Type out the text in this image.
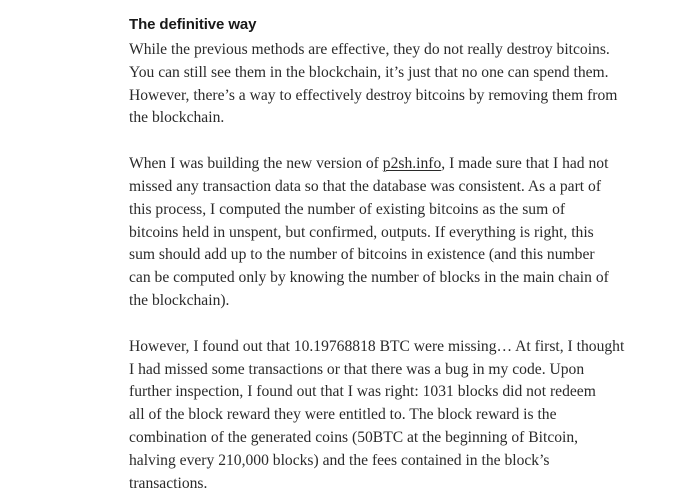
The definitive way
While the previous methods are effective, they do not really destroy bitcoins.
You can still see them in the blockchain, it’s just that no one can spend them.
However, there’s a way to effectively destroy bitcoins by removing them from
the blockchain.
When I was building the new version of p2sh.info, I made sure that I had not
missed any transaction data so that the database was consistent. As a part of
this process, I computed the number of existing bitcoins as the sum of
bitcoins held in unspent, but confirmed, outputs. If everything is right, this
sum should add up to the number of bitcoins in existence (and this number
can be computed only by knowing the number of blocks in the main chain of
the blockchain).
However, I found out that 10.19768818 BTC were missing… At first, I thought
I had missed some transactions or that there was a bug in my code. Upon
further inspection, I found out that I was right: 1031 blocks did not redeem
all of the block reward they were entitled to. The block reward is the
combination of the generated coins (50BTC at the beginning of Bitcoin,
halving every 210,000 blocks) and the fees contained in the block’s
transactions.
